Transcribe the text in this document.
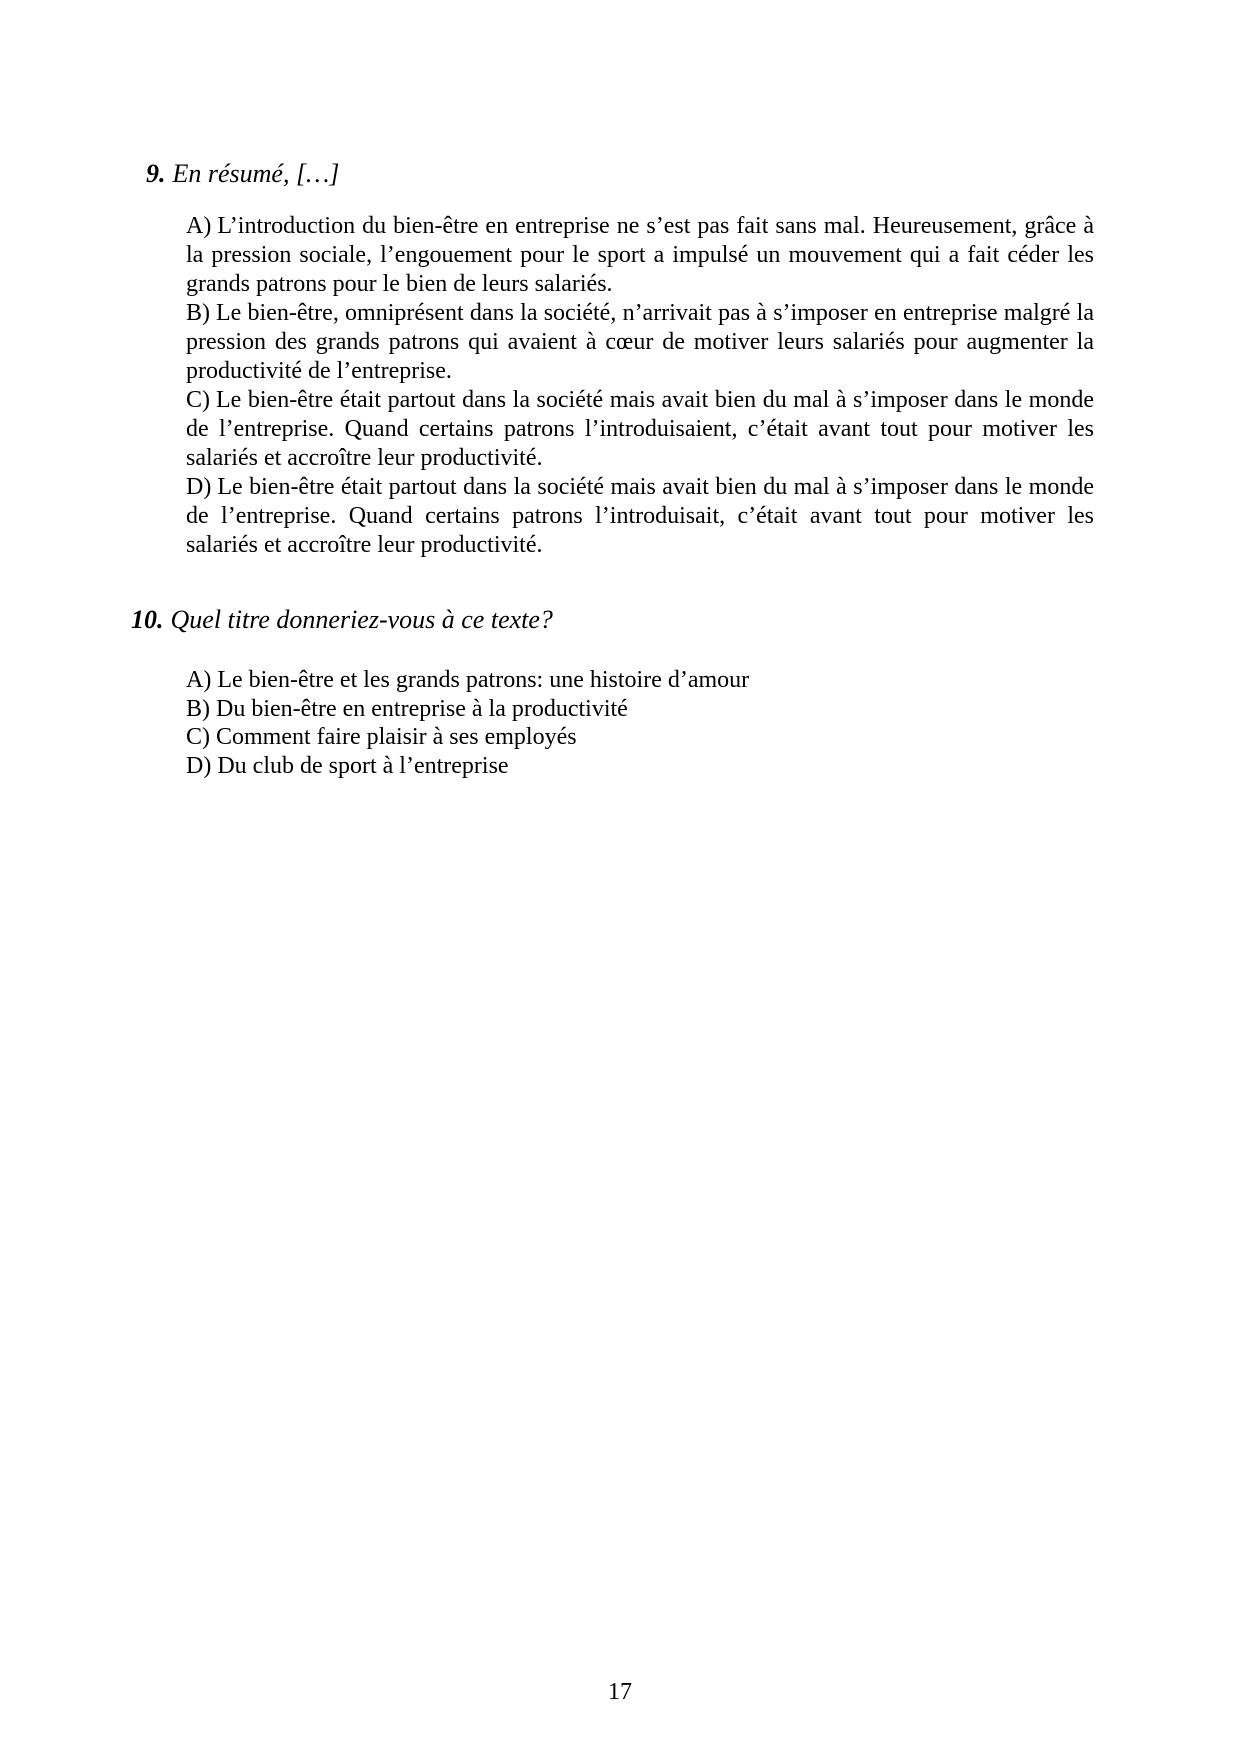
9. En résumé, […]

A) L’introduction du bien-être en entreprise ne s’est pas fait sans mal. Heureusement, grâce à la pression sociale, l’engouement pour le sport a impulsé un mouvement qui a fait céder les grands patrons pour le bien de leurs salariés.

B) Le bien-être, omniprésent dans la société, n’arrivait pas à s’imposer en entreprise malgré la pression des grands patrons qui avaient à cœur de motiver leurs salariés pour augmenter la productivité de l’entreprise.

C) Le bien-être était partout dans la société mais avait bien du mal à s’imposer dans le monde de l’entreprise. Quand certains patrons l’introduisaient, c’était avant tout pour motiver les salariés et accroître leur productivité.

D) Le bien-être était partout dans la société mais avait bien du mal à s’imposer dans le monde de l’entreprise. Quand certains patrons l’introduisait, c’était avant tout pour motiver les salariés et accroître leur productivité.

10. Quel titre donneriez-vous à ce texte?

A) Le bien-être et les grands patrons: une histoire d’amour

B) Du bien-être en entreprise à la productivité

C) Comment faire plaisir à ses employés

D) Du club de sport à l’entreprise

17
